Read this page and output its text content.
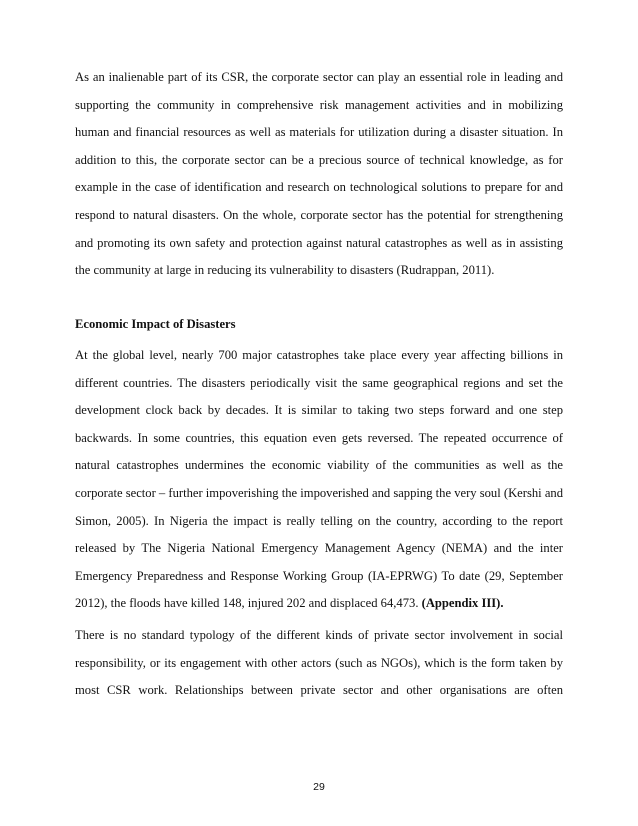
As an inalienable part of its CSR, the corporate sector can play an essential role in leading and
supporting the community in comprehensive risk management activities and in mobilizing
human and financial resources as well as materials for utilization during a disaster situation. In
addition to this, the corporate sector can be a precious source of technical knowledge, as for
example in the case of identification and research on technological solutions to prepare for and
respond to natural disasters. On the whole, corporate sector has the potential for strengthening
and promoting its own safety and protection against natural catastrophes as well as in assisting
the community at large in reducing its vulnerability to disasters (Rudrappan, 2011).
Economic Impact of Disasters
At the global level, nearly 700 major catastrophes take place every year affecting billions in
different countries. The disasters periodically visit the same geographical regions and set the
development clock back by decades. It is similar to taking two steps forward and one step
backwards. In some countries, this equation even gets reversed. The repeated occurrence of
natural catastrophes undermines the economic viability of the communities as well as the
corporate sector – further impoverishing the impoverished and sapping the very soul (Kershi and
Simon, 2005). In Nigeria the impact is really telling on the country, according to the report
released by The Nigeria National Emergency Management Agency (NEMA) and the inter
Emergency Preparedness and Response Working Group (IA-EPRWG) To date (29, September
2012), the floods have killed 148, injured 202 and displaced 64,473. (Appendix III).
There is no standard typology of the different kinds of private sector involvement in social
responsibility, or its engagement with other actors (such as NGOs), which is the form taken by
most CSR work. Relationships between private sector and other organisations are often
29
